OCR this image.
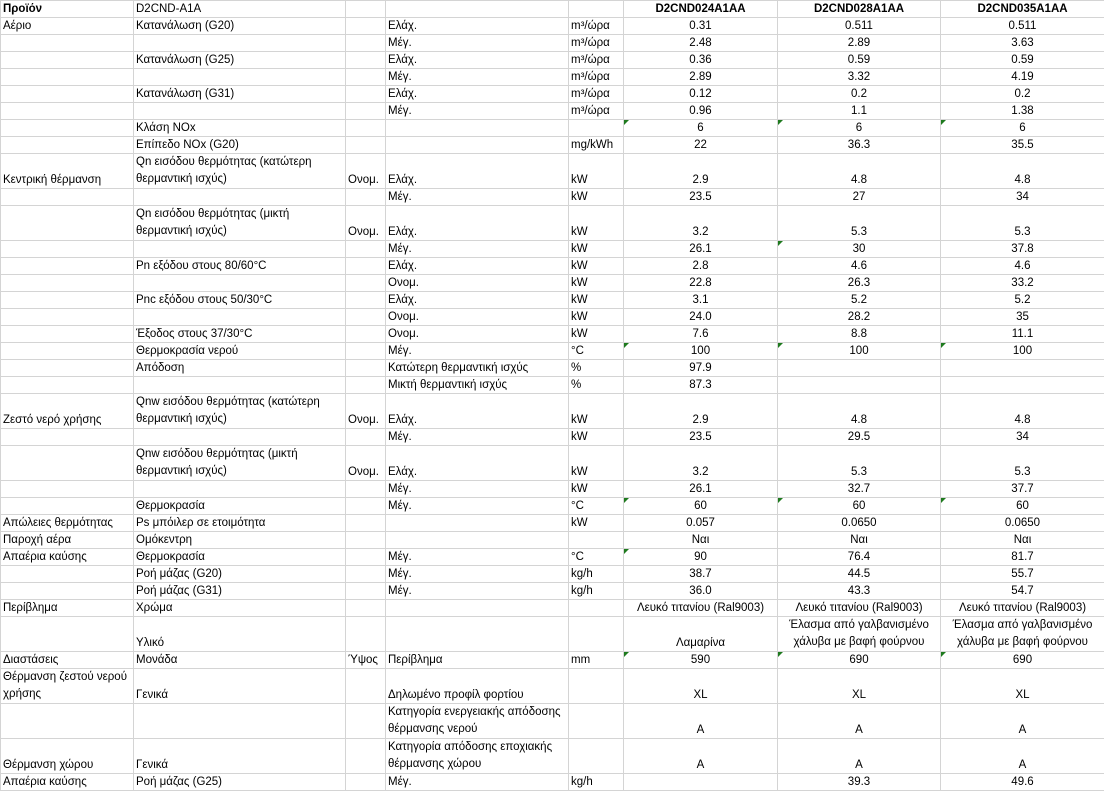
Προϊόν	D2CND-A1A				D2CND024A1AA	D2CND028A1AA	D2CND035A1AA
Αέριο	Κατανάλωση (G20)		Ελάχ.	m³/ώρα	0.31	0.511	0.511
			Μέγ.	m³/ώρα	2.48	2.89	3.63
	Κατανάλωση (G25)		Ελάχ.	m³/ώρα	0.36	0.59	0.59
			Μέγ.	m³/ώρα	2.89	3.32	4.19
	Κατανάλωση (G31)		Ελάχ.	m³/ώρα	0.12	0.2	0.2
			Μέγ.	m³/ώρα	0.96	1.1	1.38
	Κλάση NOx				6	6	6
	Επίπεδο NOx (G20)			mg/kWh	22	36.3	35.5
Κεντρική θέρμανση	Qn εισόδου θερμότητας (κατώτερη θερμαντική ισχύς)	Ονομ.	Ελάχ.	kW	2.9	4.8	4.8
			Μέγ.	kW	23.5	27	34
	Qn εισόδου θερμότητας (μικτή θερμαντική ισχύς)	Ονομ.	Ελάχ.	kW	3.2	5.3	5.3
			Μέγ.	kW	26.1	30	37.8
	Pn εξόδου στους 80/60°C		Ελάχ.	kW	2.8	4.6	4.6
			Ονομ.	kW	22.8	26.3	33.2
	Pnc εξόδου στους 50/30°C		Ελάχ.	kW	3.1	5.2	5.2
			Ονομ.	kW	24.0	28.2	35
	Έξοδος στους 37/30°C		Ονομ.	kW	7.6	8.8	11.1
	Θερμοκρασία νερού		Μέγ.	°C	100	100	100
	Απόδοση		Κατώτερη θερμαντική ισχύς	%	97.9		
			Μικτή θερμαντική ισχύς	%	87.3		
Ζεστό νερό χρήσης	Qnw εισόδου θερμότητας (κατώτερη θερμαντική ισχύς)	Ονομ.	Ελάχ.	kW	2.9	4.8	4.8
			Μέγ.	kW	23.5	29.5	34
	Qnw εισόδου θερμότητας (μικτή θερμαντική ισχύς)	Ονομ.	Ελάχ.	kW	3.2	5.3	5.3
			Μέγ.	kW	26.1	32.7	37.7
	Θερμοκρασία		Μέγ.	°C	60	60	60
Απώλειες θερμότητας	Ps μπόιλερ σε ετοιμότητα			kW	0.057	0.0650	0.0650
Παροχή αέρα	Ομόκεντρη				Ναι	Ναι	Ναι
Απαέρια καύσης	Θερμοκρασία		Μέγ.	°C	90	76.4	81.7
	Ροή μάζας (G20)		Μέγ.	kg/h	38.7	44.5	55.7
	Ροή μάζας (G31)		Μέγ.	kg/h	36.0	43.3	54.7
Περίβλημα	Χρώμα				Λευκό τιτανίου (Ral9003)	Λευκό τιτανίου (Ral9003)	Λευκό τιτανίου (Ral9003)
	Υλικό				Λαμαρίνα	Έλασμα από γαλβανισμένο χάλυβα με βαφή φούρνου	Έλασμα από γαλβανισμένο χάλυβα με βαφή φούρνου
Διαστάσεις	Μονάδα	Ύψος	Περίβλημα	mm	590	690	690
Θέρμανση ζεστού νερού χρήσης	Γενικά		Δηλωμένο προφίλ φορτίου		XL	XL	XL
			Κατηγορία ενεργειακής απόδοσης θέρμανσης νερού		A	A	A
Θέρμανση χώρου	Γενικά		Κατηγορία απόδοσης εποχιακής θέρμανσης χώρου		A	A	A
Απαέρια καύσης	Ροή μάζας (G25)		Μέγ.	kg/h		39.3	49.6
